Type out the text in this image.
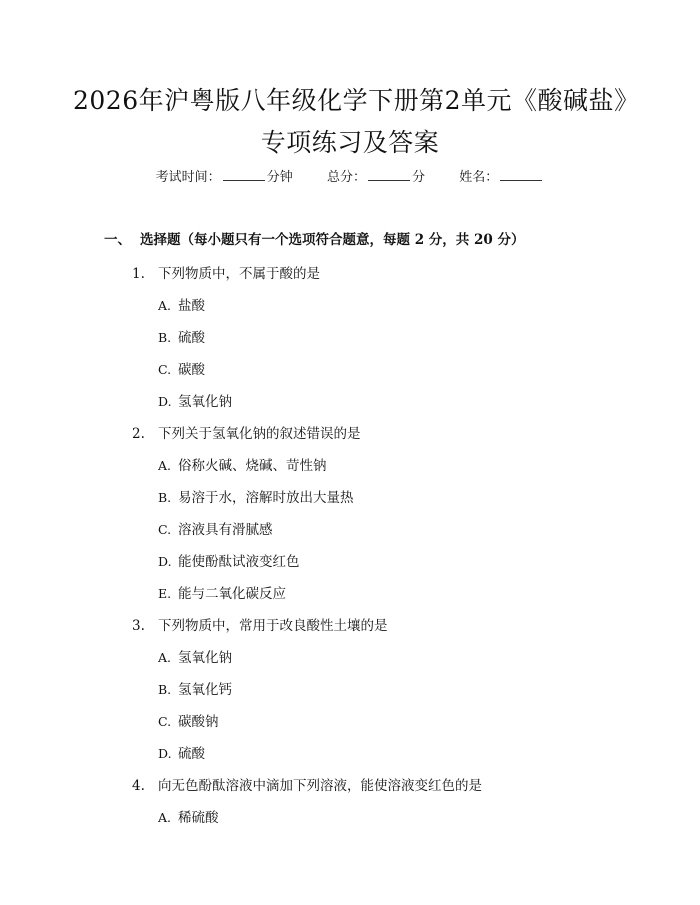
2026年沪粤版八年级化学下册第2单元《酸碱盐》专项练习及答案
考试时间：	分钟	总分：	分	姓名：
一、 选择题（每小题只有一个选项符合题意，每题 2 分，共 20 分）
1. 下列物质中，不属于酸的是
A. 盐酸
B. 硫酸
C. 碳酸
D. 氢氧化钠
2. 下列关于氢氧化钠的叙述错误的是
A. 俗称火碱、烧碱、苛性钠
B. 易溶于水，溶解时放出大量热
C. 溶液具有滑腻感
D. 能使酚酞试液变红色
E. 能与二氧化碳反应
3. 下列物质中，常用于改良酸性土壤的是
A. 氢氧化钠
B. 氢氧化钙
C. 碳酸钠
D. 硫酸
4. 向无色酚酞溶液中滴加下列溶液，能使溶液变红色的是
A. 稀硫酸
